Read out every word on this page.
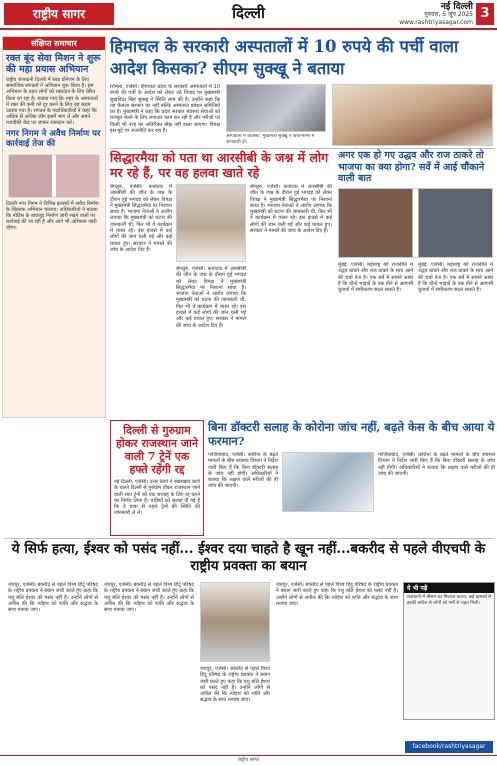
राष्ट्रीय सागर	दिल्ली	नई दिल्ली
गुरुवार, 5 जून 2025
www.rashtriyasagar.com
3
संक्षिप्त समाचार
रक्त बूंद सेवा मिशन ने शुरू की महा प्रयास अभियान
राष्ट्रीय राजधानी दिल्ली में ब्लड डोनेशन के लिए सामाजिक संगठनों ने अभियान शुरू किया है। इस अभियान के तहत लोगों को रक्तदान के लिए प्रेरित किया जा रहा है। बताया गया कि शहर के अस्पतालों में रक्त की कमी को दूर करने के लिए यह कदम उठाया गया है। संगठन के पदाधिकारियों ने कहा कि अधिक से अधिक लोग इसमें भाग लें और अपने नजदीकी केंद्र पर जाकर रक्तदान करें।
नगर निगम ने अवैध निर्माण पर कार्रवाई तेज की
दिल्ली नगर निगम ने विभिन्न इलाकों में अवैध निर्माण के खिलाफ अभियान चलाया। अधिकारियों ने बताया कि नोटिस के बावजूद निर्माण जारी रखने वालों पर कार्रवाई की जा रही है और आगे भी अभियान जारी रहेगा।
हिमाचल के सरकारी अस्पतालों में 10 रुपये की पर्ची वाला आदेश किसका? सीएम सुक्खू ने बताया
शिमला, एजेंसी। हिमाचल प्रदेश के सरकारी अस्पतालों में 10 रुपये की पर्ची के आदेश को लेकर उठे विवाद पर मुख्यमंत्री सुखविंदर सिंह सुक्खू ने स्थिति स्पष्ट की है। उन्होंने कहा कि यह फैसला सरकार का नहीं बल्कि अस्पताल प्रबंधन समितियों का है। मुख्यमंत्री ने कहा कि प्रदेश सरकार स्वास्थ्य सेवाओं को मजबूत करने के लिए लगातार काम कर रही है और मरीजों पर किसी भी तरह का अतिरिक्त बोझ नहीं डाला जाएगा। विपक्ष इस मुद्दे पर राजनीति कर रहा है।
अस्पतालों में व्यवस्था, मुख्यमंत्री सुक्खू ने विधानसभा में जानकारी दी।
सिद्धारमैया को पता था आरसीबी के जश्न में लोग मर रहे हैं, पर वह हलवा खाते रहे
बेंगलुरु, एजेंसी। कर्नाटक में आरसीबी की जीत के जश्न के दौरान हुई भगदड़ को लेकर विपक्ष ने मुख्यमंत्री सिद्धारमैया पर निशाना साधा है। भाजपा नेताओं ने आरोप लगाया कि मुख्यमंत्री को घटना की जानकारी थी, फिर भी वे कार्यक्रम में व्यस्त रहे। इस हादसे में कई लोगों की जान चली गई और कई घायल हुए। सरकार ने मामले की जांच के आदेश दिए हैं।
बेंगलुरु, एजेंसी। कर्नाटक में आरसीबी की जीत के जश्न के दौरान हुई भगदड़ को लेकर विपक्ष ने मुख्यमंत्री सिद्धारमैया पर निशाना साधा है। भाजपा नेताओं ने आरोप लगाया कि मुख्यमंत्री को घटना की जानकारी थी, फिर भी वे कार्यक्रम में व्यस्त रहे। इस हादसे में कई लोगों की जान चली गई और कई घायल हुए। सरकार ने मामले की जांच के आदेश दिए हैं।
बेंगलुरु, एजेंसी। कर्नाटक में आरसीबी की जीत के जश्न के दौरान हुई भगदड़ को लेकर विपक्ष ने मुख्यमंत्री सिद्धारमैया पर निशाना साधा है। भाजपा नेताओं ने आरोप लगाया कि मुख्यमंत्री को घटना की जानकारी थी, फिर भी वे कार्यक्रम में व्यस्त रहे। इस हादसे में कई लोगों की जान चली गई और कई घायल हुए। सरकार ने मामले की जांच के आदेश दिए हैं।
अगर एक हो गए उद्धव और राज ठाकरे तो भाजपा का क्या होगा? सर्वे में आई चौंकाने वाली बात
मुंबई, एजेंसी। महाराष्ट्र की राजनीति में उद्धव ठाकरे और राज ठाकरे के साथ आने की चर्चा तेज है। एक सर्वे में सामने आया है कि दोनों भाइयों के एक होने से आगामी चुनावों में समीकरण बदल सकते हैं।
मुंबई, एजेंसी। महाराष्ट्र की राजनीति में उद्धव ठाकरे और राज ठाकरे के साथ आने की चर्चा तेज है। एक सर्वे में सामने आया है कि दोनों भाइयों के एक होने से आगामी चुनावों में समीकरण बदल सकते हैं।
दिल्ली से गुरुग्राम होकर राजस्थान जाने वाली 7 ट्रेनें एक हफ्ते रहेंगी रद्द
नई दिल्ली, एजेंसी। उत्तर रेलवे ने रखरखाव कार्य के चलते दिल्ली से गुरुग्राम होकर राजस्थान जाने वाली सात ट्रेनों को एक सप्ताह के लिए रद्द करने का निर्णय लिया है। यात्रियों को सलाह दी गई है कि वे यात्रा से पहले ट्रेनों की स्थिति की जानकारी ले लें।
बिना डॉक्टरी सलाह के कोरोना जांच नहीं, बढ़ते केस के बीच आया ये फरमान?
गाजियाबाद, एजेंसी। कोरोना के बढ़ते मामलों के बीच स्वास्थ्य विभाग ने निर्देश जारी किए हैं कि बिना डॉक्टरी सलाह के जांच नहीं होगी। अधिकारियों ने बताया कि लक्षण वाले मरीजों की ही जांच की जाएगी।
गाजियाबाद, एजेंसी। कोरोना के बढ़ते मामलों के बीच स्वास्थ्य विभाग ने निर्देश जारी किए हैं कि बिना डॉक्टरी सलाह के जांच नहीं होगी। अधिकारियों ने बताया कि लक्षण वाले मरीजों की ही जांच की जाएगी।
ये सिर्फ हत्या, ईश्वर को पसंद नहीं... ईश्वर दया चाहते है खून नहीं...बकरीद से पहले वीएचपी के राष्ट्रीय प्रवक्ता का बयान
जयपुर, एजेंसी। बकरीद से पहले विश्व हिंदू परिषद के राष्ट्रीय प्रवक्ता ने बयान जारी करते हुए कहा कि पशु बलि ईश्वर को पसंद नहीं है। उन्होंने लोगों से अपील की कि त्योहार को शांति और सद्भाव के साथ मनाया जाए।
जयपुर, एजेंसी। बकरीद से पहले विश्व हिंदू परिषद के राष्ट्रीय प्रवक्ता ने बयान जारी करते हुए कहा कि पशु बलि ईश्वर को पसंद नहीं है। उन्होंने लोगों से अपील की कि त्योहार को शांति और सद्भाव के साथ मनाया जाए।
जयपुर, एजेंसी। बकरीद से पहले विश्व हिंदू परिषद के राष्ट्रीय प्रवक्ता ने बयान जारी करते हुए कहा कि पशु बलि ईश्वर को पसंद नहीं है। उन्होंने लोगों से अपील की कि त्योहार को शांति और सद्भाव के साथ मनाया जाए।
जयपुर, एजेंसी। बकरीद से पहले विश्व हिंदू परिषद के राष्ट्रीय प्रवक्ता ने बयान जारी करते हुए कहा कि पशु बलि ईश्वर को पसंद नहीं है। उन्होंने लोगों से अपील की कि त्योहार को शांति और सद्भाव के साथ मनाया जाए।
ये भी पढ़ें
राजधानी में मौसम का मिजाज बदला, कई इलाकों में हल्की बारिश से लोगों को गर्मी से राहत मिली।
facebook/rashtriyasagar
राष्ट्रीय सागर
